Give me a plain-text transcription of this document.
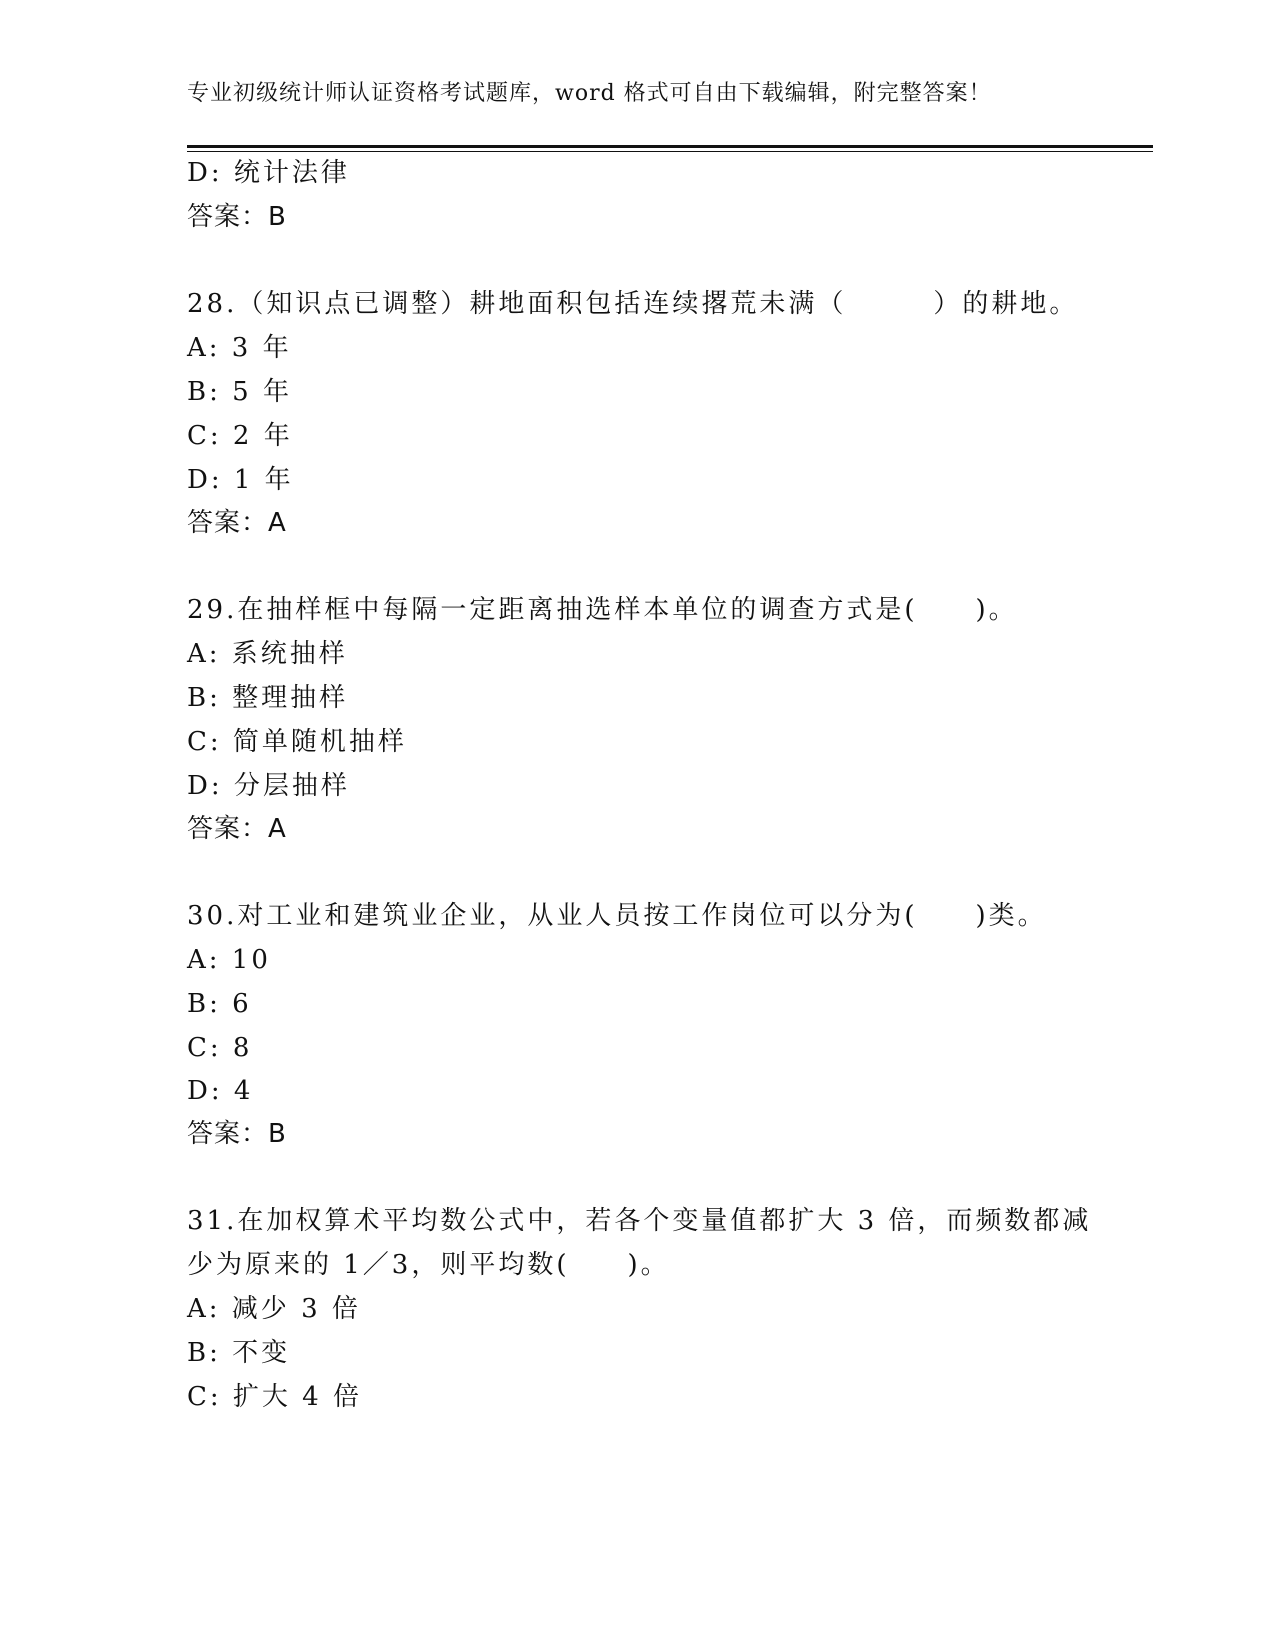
专业初级统计师认证资格考试题库，word 格式可自由下载编辑，附完整答案！
D: 统计法律
答案：B
28.（知识点已调整）耕地面积包括连续撂荒未满（　　　）的耕地。
A: 3 年
B: 5 年
C: 2 年
D: 1 年
答案：A
29.在抽样框中每隔一定距离抽选样本单位的调查方式是(　　)。
A: 系统抽样
B: 整理抽样
C: 简单随机抽样
D: 分层抽样
答案：A
30.对工业和建筑业企业，从业人员按工作岗位可以分为(　　)类。
A: 10
B: 6
C: 8
D: 4
答案：B
31.在加权算术平均数公式中，若各个变量值都扩大 3 倍，而频数都减
少为原来的 1／3，则平均数(　　)。
A: 减少 3 倍
B: 不变
C: 扩大 4 倍
